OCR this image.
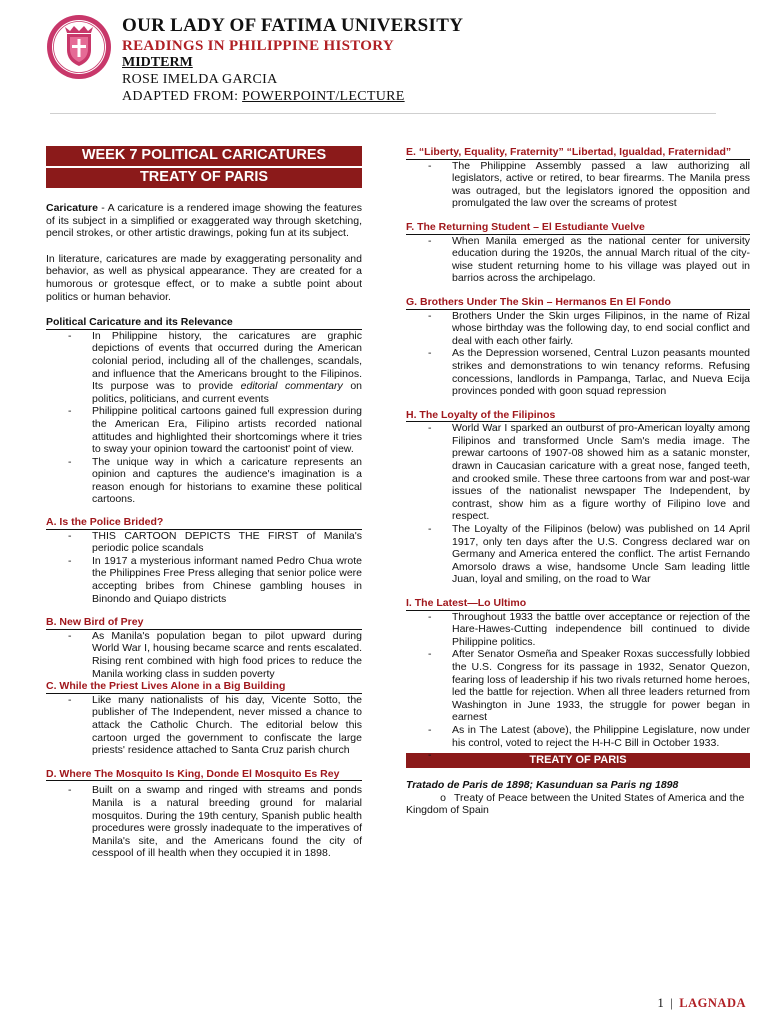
OUR LADY OF FATIMA UNIVERSITY
READINGS IN PHILIPPINE HISTORY
MIDTERM
ROSE IMELDA GARCIA
ADAPTED FROM: POWERPOINT/LECTURE
WEEK 7 POLITICAL CARICATURES
TREATY OF PARIS

Caricature - A caricature is a rendered image showing the features of its subject in a simplified or exaggerated way through sketching, pencil strokes, or other artistic drawings, poking fun at its subject.

In literature, caricatures are made by exaggerating personality and behavior, as well as physical appearance. They are created for a humorous or grotesque effect, or to make a subtle point about politics or human behavior.

Political Caricature and its Relevance
- In Philippine history, the caricatures are graphic depictions of events that occurred during the American colonial period, including all of the challenges, scandals, and influence that the Americans brought to the Filipinos. Its purpose was to provide editorial commentary on politics, politicians, and current events
- Philippine political cartoons gained full expression during the American Era, Filipino artists recorded national attitudes and highlighted their shortcomings where it tries to sway your opinion toward the cartoonist' point of view.
- The unique way in which a caricature represents an opinion and captures the audience's imagination is a reason enough for historians to examine these political cartoons.
A. Is the Police Brided?
- THIS CARTOON DEPICTS THE FIRST of Manila's periodic police scandals
- In 1917 a mysterious informant named Pedro Chua wrote the Philippines Free Press alleging that senior police were accepting bribes from Chinese gambling houses in Binondo and Quiapo districts
B. New Bird of Prey
- As Manila's population began to pilot upward during World War I, housing became scarce and rents escalated. Rising rent combined with high food prices to reduce the Manila working class in sudden poverty
C. While the Priest Lives Alone in a Big Building
- Like many nationalists of his day, Vicente Sotto, the publisher of The Independent, never missed a chance to attack the Catholic Church. The editorial below this cartoon urged the government to confiscate the large priests' residence attached to Santa Cruz parish church
D. Where The Mosquito Is King, Donde El Mosquito Es Rey
- Built on a swamp and ringed with streams and ponds Manila is a natural breeding ground for malarial mosquitos. During the 19th century, Spanish public health procedures were grossly inadequate to the imperatives of Manila's site, and the Americans found the city of cesspool of ill health when they occupied it in 1898.
E. “Liberty, Equality, Fraternity” “Libertad, Igualdad, Fraternidad”
- The Philippine Assembly passed a law authorizing all legislators, active or retired, to bear firearms. The Manila press was outraged, but the legislators ignored the opposition and promulgated the law over the screams of protest
F. The Returning Student – El Estudiante Vuelve
- When Manila emerged as the national center for university education during the 1920s, the annual March ritual of the city-wise student returning home to his village was played out in barrios across the archipelago.
G. Brothers Under The Skin – Hermanos En El Fondo
- Brothers Under the Skin urges Filipinos, in the name of Rizal whose birthday was the following day, to end social conflict and deal with each other fairly.
- As the Depression worsened, Central Luzon peasants mounted strikes and demonstrations to win tenancy reforms. Refusing concessions, landlords in Pampanga, Tarlac, and Nueva Ecija provinces ponded with goon squad repression
H. The Loyalty of the Filipinos
- World War I sparked an outburst of pro-American loyalty among Filipinos and transformed Uncle Sam's media image. The prewar cartoons of 1907-08 showed him as a satanic monster, drawn in Caucasian caricature with a great nose, fanged teeth, and crooked smile. These three cartoons from war and post-war issues of the nationalist newspaper The Independent, by contrast, show him as a figure worthy of Filipino love and respect.
- The Loyalty of the Filipinos (below) was published on 14 April 1917, only ten days after the U.S. Congress declared war on Germany and America entered the conflict. The artist Fernando Amorsolo draws a wise, handsome Uncle Sam leading little Juan, loyal and smiling, on the road to War
I. The Latest—Lo Ultimo
- Throughout 1933 the battle over acceptance or rejection of the Hare-Hawes-Cutting independence bill continued to divide Philippine politics.
- After Senator Osmeña and Speaker Roxas successfully lobbied the U.S. Congress for its passage in 1932, Senator Quezon, fearing loss of leadership if his two rivals returned home heroes, led the battle for rejection. When all three leaders returned from Washington in June 1933, the struggle for power began in earnest
- As in The Latest (above), the Philippine Legislature, now under his control, voted to reject the H-H-C Bill in October 1933.
TREATY OF PARIS
Tratado de Paris de 1898; Kasunduan sa Paris ng 1898

o Treaty of Peace between the United States of America and the Kingdom of Spain

1 | LAGNADA
